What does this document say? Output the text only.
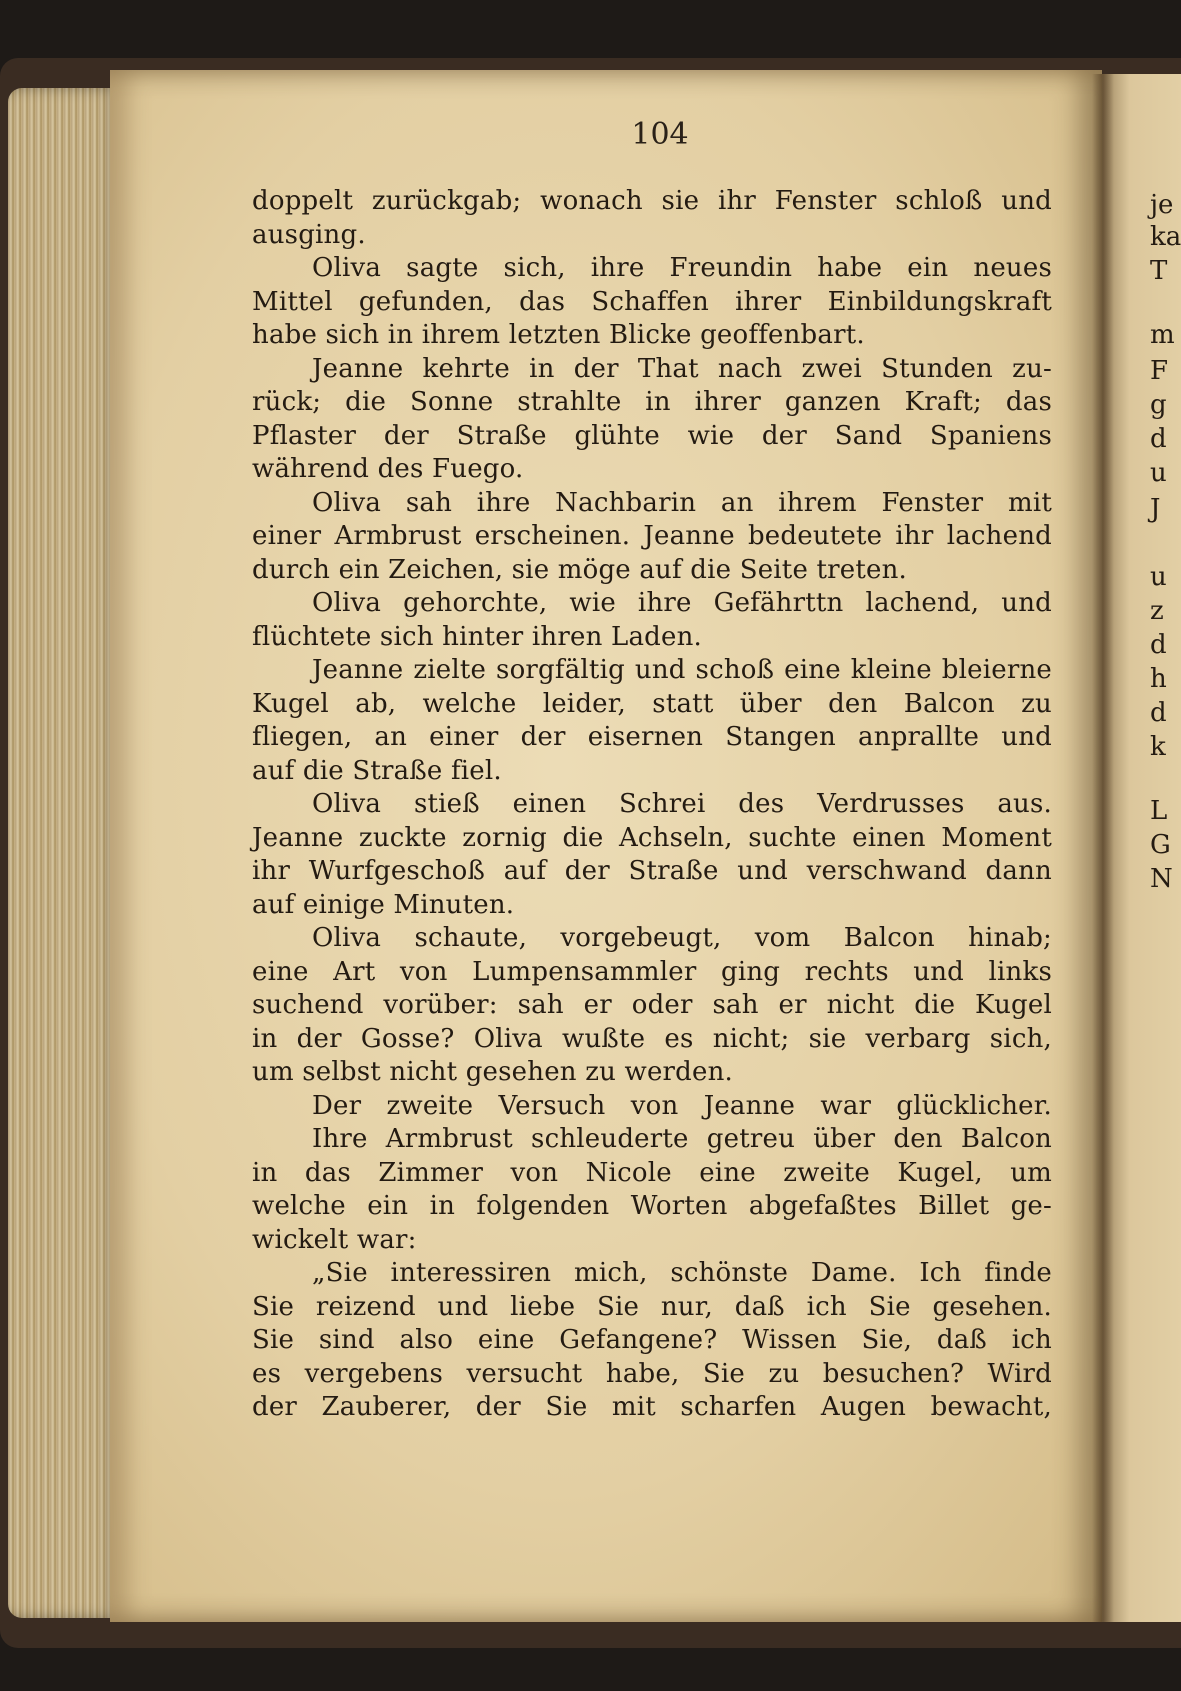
104
doppelt zurückgab; wonach sie ihr Fenster schloß und
ausging.
Oliva sagte sich, ihre Freundin habe ein neues
Mittel gefunden, das Schaffen ihrer Einbildungskraft
habe sich in ihrem letzten Blicke geoffenbart.
Jeanne kehrte in der That nach zwei Stunden zu-
rück; die Sonne strahlte in ihrer ganzen Kraft; das
Pflaster der Straße glühte wie der Sand Spaniens
während des Fuego.
Oliva sah ihre Nachbarin an ihrem Fenster mit
einer Armbrust erscheinen. Jeanne bedeutete ihr lachend
durch ein Zeichen, sie möge auf die Seite treten.
Oliva gehorchte, wie ihre Gefährttn lachend, und
flüchtete sich hinter ihren Laden.
Jeanne zielte sorgfältig und schoß eine kleine bleierne
Kugel ab, welche leider, statt über den Balcon zu
fliegen, an einer der eisernen Stangen anprallte und
auf die Straße fiel.
Oliva stieß einen Schrei des Verdrusses aus.
Jeanne zuckte zornig die Achseln, suchte einen Moment
ihr Wurfgeschoß auf der Straße und verschwand dann
auf einige Minuten.
Oliva schaute, vorgebeugt, vom Balcon hinab;
eine Art von Lumpensammler ging rechts und links
suchend vorüber: sah er oder sah er nicht die Kugel
in der Gosse? Oliva wußte es nicht; sie verbarg sich,
um selbst nicht gesehen zu werden.
Der zweite Versuch von Jeanne war glücklicher.
Ihre Armbrust schleuderte getreu über den Balcon
in das Zimmer von Nicole eine zweite Kugel, um
welche ein in folgenden Worten abgefaßtes Billet ge-
wickelt war:
„Sie interessiren mich, schönste Dame. Ich finde
Sie reizend und liebe Sie nur, daß ich Sie gesehen.
Sie sind also eine Gefangene? Wissen Sie, daß ich
es vergebens versucht habe, Sie zu besuchen? Wird
der Zauberer, der Sie mit scharfen Augen bewacht,
je
ka
T
m
F
g
d
u
J
u
z
d
h
d
k
L
G
N
